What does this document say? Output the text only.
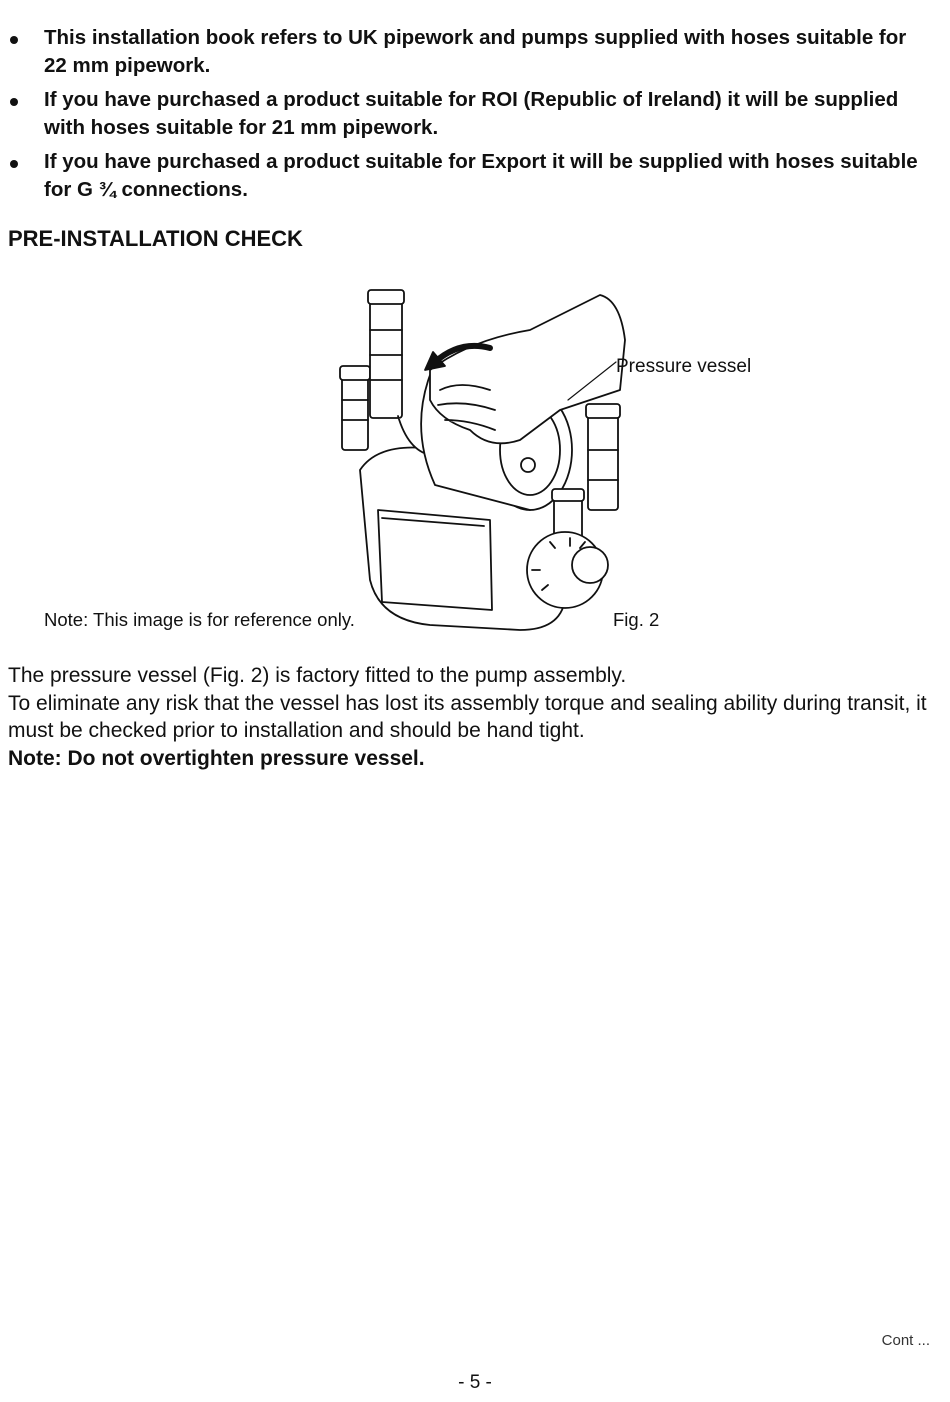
This installation book refers to UK pipework and pumps supplied with hoses suitable for 22 mm pipework.
If you have purchased a product suitable for ROI (Republic of Ireland) it will be supplied with hoses suitable for 21 mm pipework.
If you have purchased a product suitable for Export it will be supplied with hoses suitable for G ¾ connections.
PRE-INSTALLATION CHECK
Pressure vessel
Note: This image is for reference only.	Fig. 2

The pressure vessel (Fig. 2) is factory fitted to the pump assembly.

To eliminate any risk that the vessel has lost its assembly torque and sealing ability during transit, it must be checked prior to installation and should be hand tight.

Note: Do not overtighten pressure vessel.

Cont ...
- 5 -
